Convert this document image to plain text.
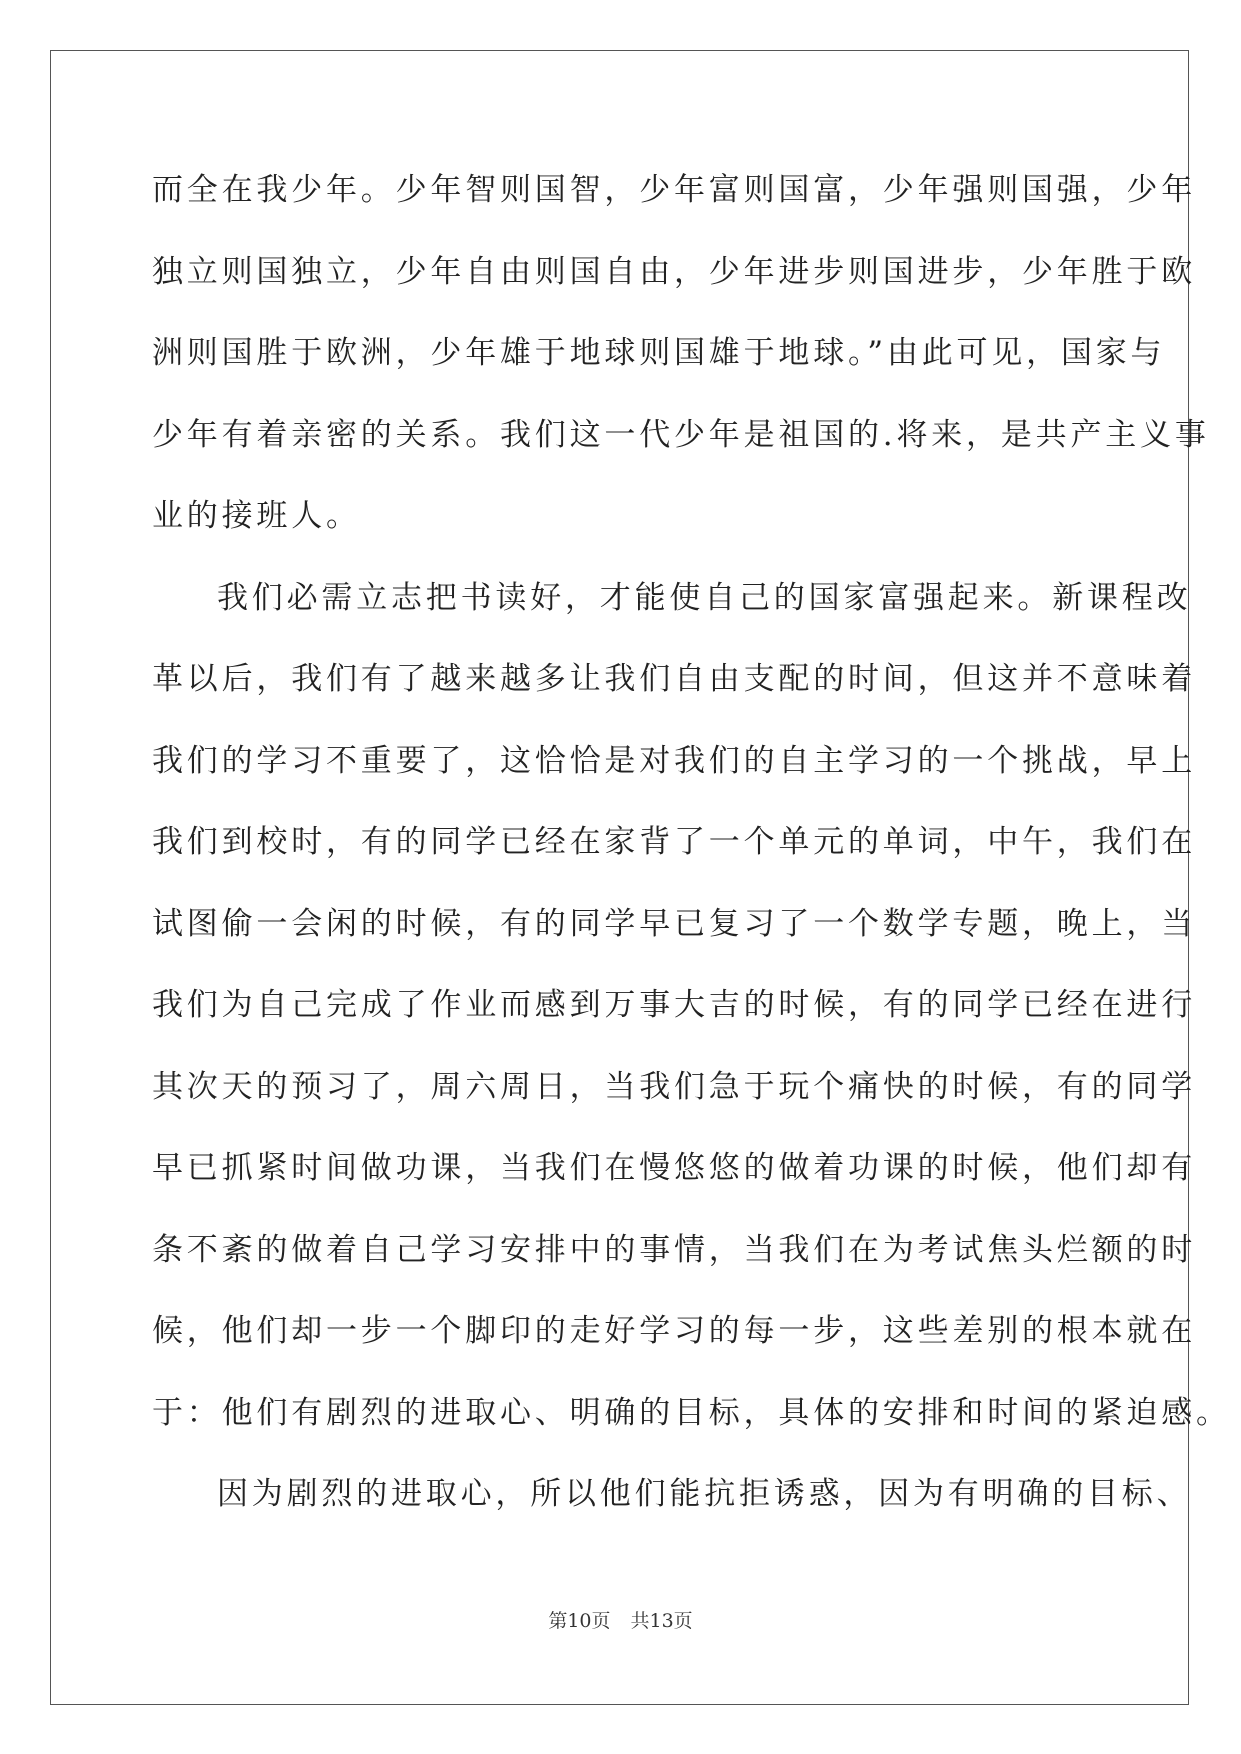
而全在我少年。少年智则国智，少年富则国富，少年强则国强，少年
独立则国独立，少年自由则国自由，少年进步则国进步，少年胜于欧
洲则国胜于欧洲，少年雄于地球则国雄于地球。”由此可见，国家与
少年有着亲密的关系。我们这一代少年是祖国的.将来，是共产主义事
业的接班人。
我们必需立志把书读好，才能使自己的国家富强起来。新课程改
革以后，我们有了越来越多让我们自由支配的时间，但这并不意味着
我们的学习不重要了，这恰恰是对我们的自主学习的一个挑战，早上
我们到校时，有的同学已经在家背了一个单元的单词，中午，我们在
试图偷一会闲的时候，有的同学早已复习了一个数学专题，晚上，当
我们为自己完成了作业而感到万事大吉的时候，有的同学已经在进行
其次天的预习了，周六周日，当我们急于玩个痛快的时候，有的同学
早已抓紧时间做功课，当我们在慢悠悠的做着功课的时候，他们却有
条不紊的做着自己学习安排中的事情，当我们在为考试焦头烂额的时
候，他们却一步一个脚印的走好学习的每一步，这些差别的根本就在
于：他们有剧烈的进取心、明确的目标，具体的安排和时间的紧迫感。
因为剧烈的进取心，所以他们能抗拒诱惑，因为有明确的目标、
第10页 共13页
